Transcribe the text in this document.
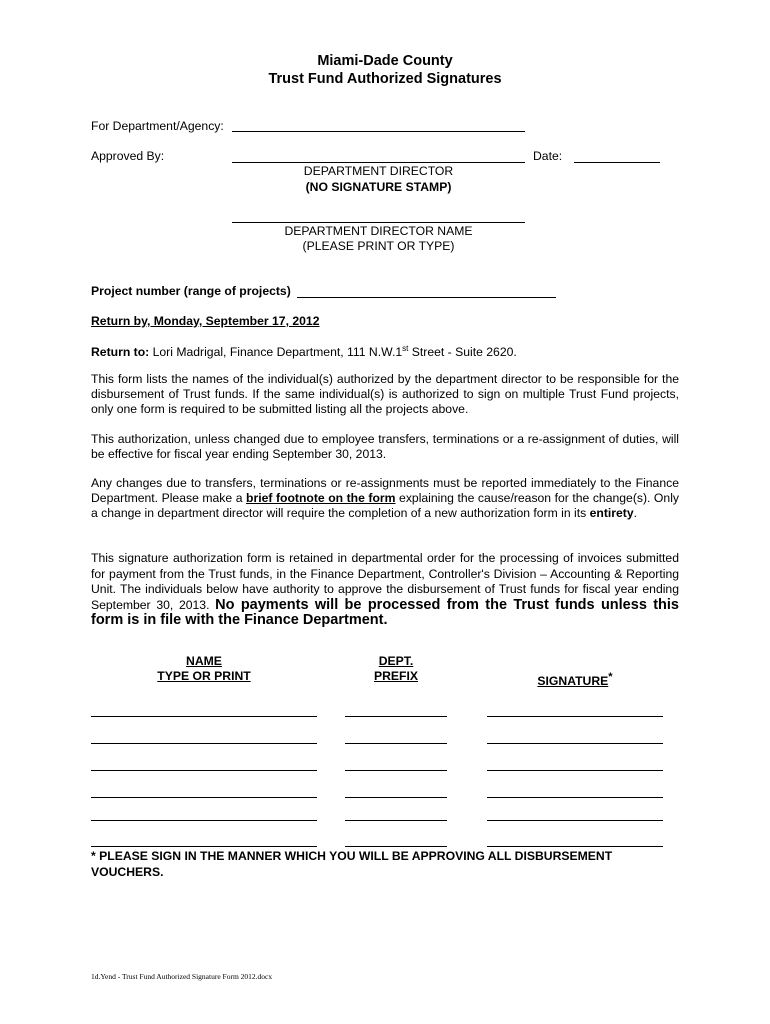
Miami-Dade County
Trust Fund Authorized Signatures
For Department/Agency:
Approved By:	Date:
DEPARTMENT DIRECTOR
(NO SIGNATURE STAMP)
DEPARTMENT DIRECTOR NAME
(PLEASE PRINT OR TYPE)
Project number (range of projects)
Return by, Monday, September 17, 2012
Return to: Lori Madrigal, Finance Department, 111 N.W.1st Street - Suite 2620.
This form lists the names of the individual(s) authorized by the department director to be responsible for the disbursement of Trust funds. If the same individual(s) is authorized to sign on multiple Trust Fund projects, only one form is required to be submitted listing all the projects above.
This authorization, unless changed due to employee transfers, terminations or a re-assignment of duties, will be effective for fiscal year ending September 30, 2013.
Any changes due to transfers, terminations or re-assignments must be reported immediately to the Finance Department. Please make a brief footnote on the form explaining the cause/reason for the change(s). Only a change in department director will require the completion of a new authorization form in its entirety.
This signature authorization form is retained in departmental order for the processing of invoices submitted for payment from the Trust funds, in the Finance Department, Controller's Division – Accounting & Reporting Unit. The individuals below have authority to approve the disbursement of Trust funds for fiscal year ending September 30, 2013. No payments will be processed from the Trust funds unless this form is in file with the Finance Department.
NAME
TYPE OR PRINT
DEPT.
PREFIX	SIGNATURE*
* PLEASE SIGN IN THE MANNER WHICH YOU WILL BE APPROVING ALL DISBURSEMENT VOUCHERS.
1d.Yend - Trust Fund Authorized Signature Form 2012.docx
